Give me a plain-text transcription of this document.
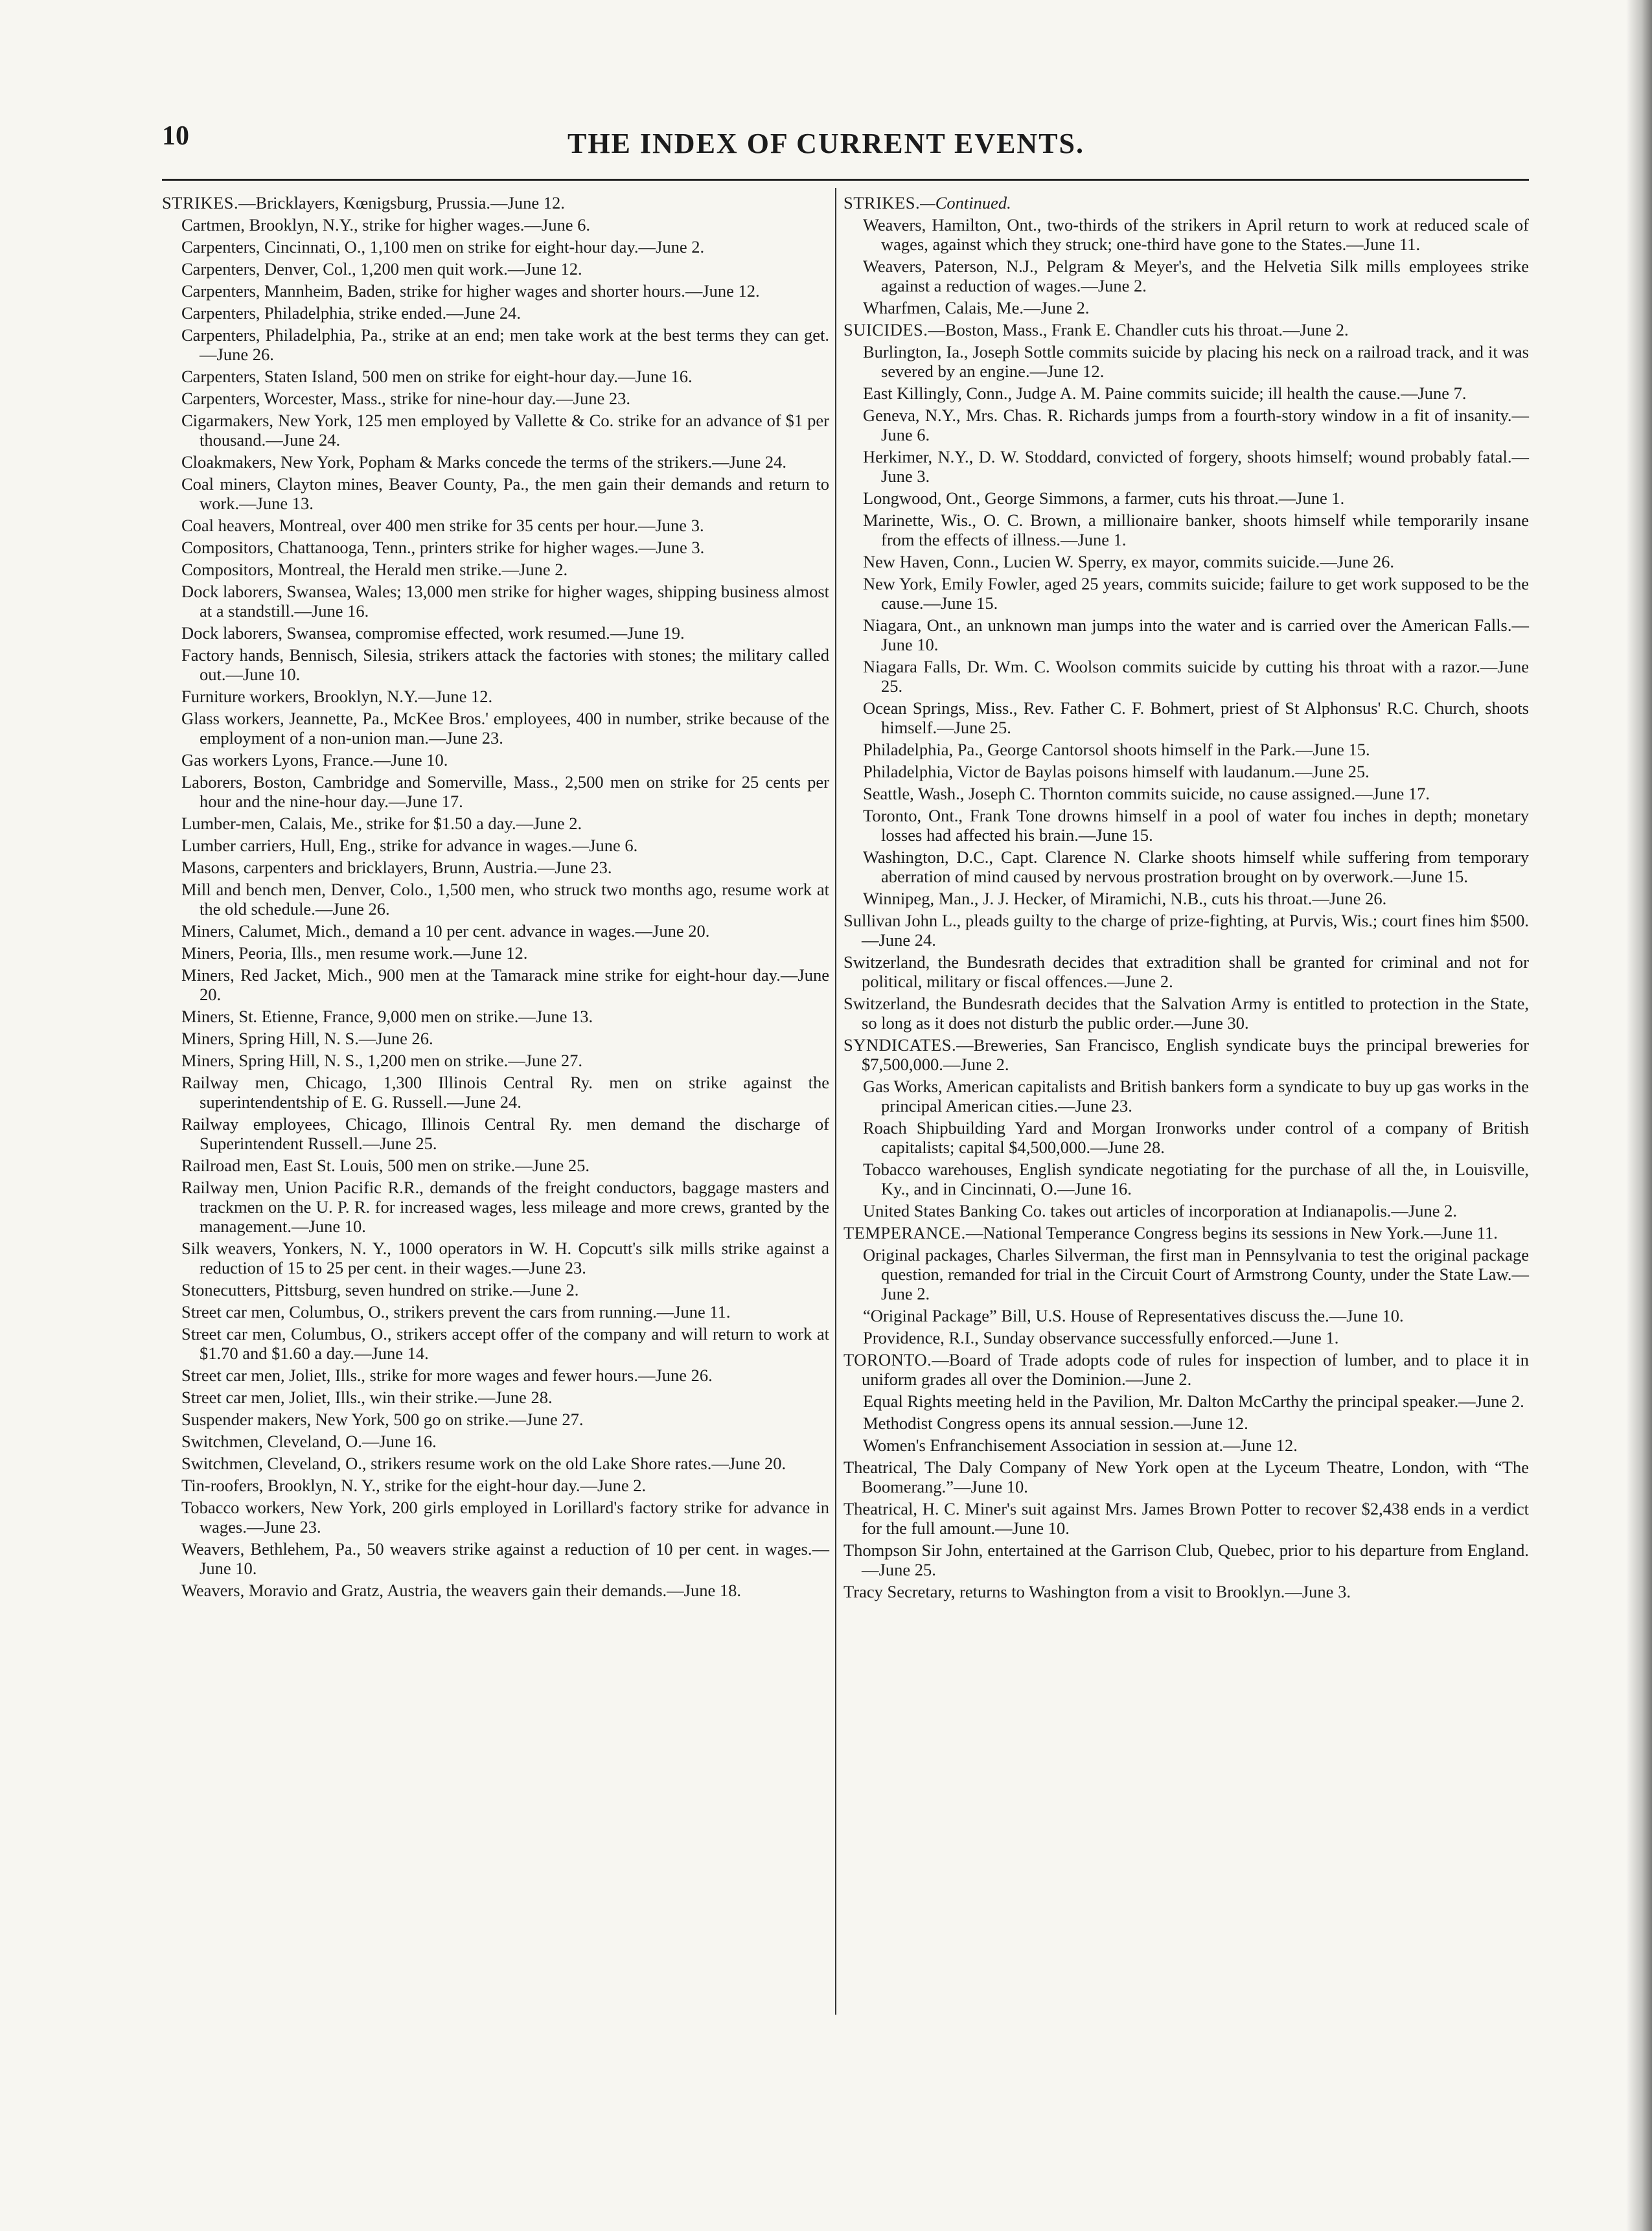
10	THE INDEX OF CURRENT EVENTS.
STRIKES.—Bricklayers, Kœnigsburg, Prussia.—June 12.
Cartmen, Brooklyn, N.Y., strike for higher wages.—June 6.
Carpenters, Cincinnati, O., 1,100 men on strike for eight-hour day.—June 2.
Carpenters, Denver, Col., 1,200 men quit work.—June 12.
Carpenters, Mannheim, Baden, strike for higher wages and shorter hours.—June 12.
Carpenters, Philadelphia, strike ended.—June 24.
Carpenters, Philadelphia, Pa., strike at an end; men take work at the best terms they can get.—June 26.
Carpenters, Staten Island, 500 men on strike for eight-hour day.—June 16.
Carpenters, Worcester, Mass., strike for nine-hour day.—June 23.
Cigarmakers, New York, 125 men employed by Vallette & Co. strike for an advance of $1 per thousand.—June 24.
Cloakmakers, New York, Popham & Marks concede the terms of the strikers.—June 24.
Coal miners, Clayton mines, Beaver County, Pa., the men gain their demands and return to work.—June 13.
Coal heavers, Montreal, over 400 men strike for 35 cents per hour.—June 3.
Compositors, Chattanooga, Tenn., printers strike for higher wages.—June 3.
Compositors, Montreal, the Herald men strike.—June 2.
Dock laborers, Swansea, Wales; 13,000 men strike for higher wages, shipping business almost at a standstill.—June 16.
Dock laborers, Swansea, compromise effected, work resumed.—June 19.
Factory hands, Bennisch, Silesia, strikers attack the factories with stones; the military called out.—June 10.
Furniture workers, Brooklyn, N.Y.—June 12.
Glass workers, Jeannette, Pa., McKee Bros.' employees, 400 in number, strike because of the employment of a non-union man.—June 23.
Gas workers Lyons, France.—June 10.
Laborers, Boston, Cambridge and Somerville, Mass., 2,500 men on strike for 25 cents per hour and the nine-hour day.—June 17.
Lumber-men, Calais, Me., strike for $1.50 a day.—June 2.
Lumber carriers, Hull, Eng., strike for advance in wages.—June 6.
Masons, carpenters and bricklayers, Brunn, Austria.—June 23.
Mill and bench men, Denver, Colo., 1,500 men, who struck two months ago, resume work at the old schedule.—June 26.
Miners, Calumet, Mich., demand a 10 per cent. advance in wages.—June 20.
Miners, Peoria, Ills., men resume work.—June 12.
Miners, Red Jacket, Mich., 900 men at the Tamarack mine strike for eight-hour day.—June 20.
Miners, St. Etienne, France, 9,000 men on strike.—June 13.
Miners, Spring Hill, N. S.—June 26.
Miners, Spring Hill, N. S., 1,200 men on strike.—June 27.
Railway men, Chicago, 1,300 Illinois Central Ry. men on strike against the superintendentship of E. G. Russell.—June 24.
Railway employees, Chicago, Illinois Central Ry. men demand the discharge of Superintendent Russell.—June 25.
Railroad men, East St. Louis, 500 men on strike.—June 25.
Railway men, Union Pacific R.R., demands of the freight conductors, baggage masters and trackmen on the U. P. R. for increased wages, less mileage and more crews, granted by the management.—June 10.
Silk weavers, Yonkers, N. Y., 1000 operators in W. H. Copcutt's silk mills strike against a reduction of 15 to 25 per cent. in their wages.—June 23.
Stonecutters, Pittsburg, seven hundred on strike.—June 2.
Street car men, Columbus, O., strikers prevent the cars from running.—June 11.
Street car men, Columbus, O., strikers accept offer of the company and will return to work at $1.70 and $1.60 a day.—June 14.
Street car men, Joliet, Ills., strike for more wages and fewer hours.—June 26.
Street car men, Joliet, Ills., win their strike.—June 28.
Suspender makers, New York, 500 go on strike.—June 27.
Switchmen, Cleveland, O.—June 16.
Switchmen, Cleveland, O., strikers resume work on the old Lake Shore rates.—June 20.
Tin-roofers, Brooklyn, N. Y., strike for the eight-hour day.—June 2.
Tobacco workers, New York, 200 girls employed in Lorillard's factory strike for advance in wages.—June 23.
Weavers, Bethlehem, Pa., 50 weavers strike against a reduction of 10 per cent. in wages.—June 10.
Weavers, Moravio and Gratz, Austria, the weavers gain their demands.—June 18.
STRIKES.—Continued.
Weavers, Hamilton, Ont., two-thirds of the strikers in April return to work at reduced scale of wages, against which they struck; one-third have gone to the States.—June 11.
Weavers, Paterson, N.J., Pelgram & Meyer's, and the Helvetia Silk mills employees strike against a reduction of wages.—June 2.
Wharfmen, Calais, Me.—June 2.
SUICIDES.—Boston, Mass., Frank E. Chandler cuts his throat.—June 2.
Burlington, Ia., Joseph Sottle commits suicide by placing his neck on a railroad track, and it was severed by an engine.—June 12.
East Killingly, Conn., Judge A. M. Paine commits suicide; ill health the cause.—June 7.
Geneva, N.Y., Mrs. Chas. R. Richards jumps from a fourth-story window in a fit of insanity.—June 6.
Herkimer, N.Y., D. W. Stoddard, convicted of forgery, shoots himself; wound probably fatal.—June 3.
Longwood, Ont., George Simmons, a farmer, cuts his throat.—June 1.
Marinette, Wis., O. C. Brown, a millionaire banker, shoots himself while temporarily insane from the effects of illness.—June 1.
New Haven, Conn., Lucien W. Sperry, ex mayor, commits suicide.—June 26.
New York, Emily Fowler, aged 25 years, commits suicide; failure to get work supposed to be the cause.—June 15.
Niagara, Ont., an unknown man jumps into the water and is carried over the American Falls.—June 10.
Niagara Falls, Dr. Wm. C. Woolson commits suicide by cutting his throat with a razor.—June 25.
Ocean Springs, Miss., Rev. Father C. F. Bohmert, priest of St Alphonsus' R.C. Church, shoots himself.—June 25.
Philadelphia, Pa., George Cantorsol shoots himself in the Park.—June 15.
Philadelphia, Victor de Baylas poisons himself with laudanum.—June 25.
Seattle, Wash., Joseph C. Thornton commits suicide, no cause assigned.—June 17.
Toronto, Ont., Frank Tone drowns himself in a pool of water fou inches in depth; monetary losses had affected his brain.—June 15.
Washington, D.C., Capt. Clarence N. Clarke shoots himself while suffering from temporary aberration of mind caused by nervous prostration brought on by overwork.—June 15.
Winnipeg, Man., J. J. Hecker, of Miramichi, N.B., cuts his throat.—June 26.
Sullivan John L., pleads guilty to the charge of prize-fighting, at Purvis, Wis.; court fines him $500.—June 24.
Switzerland, the Bundesrath decides that extradition shall be granted for criminal and not for political, military or fiscal offences.—June 2.
Switzerland, the Bundesrath decides that the Salvation Army is entitled to protection in the State, so long as it does not disturb the public order.—June 30.
SYNDICATES.—Breweries, San Francisco, English syndicate buys the principal breweries for $7,500,000.—June 2.
Gas Works, American capitalists and British bankers form a syndicate to buy up gas works in the principal American cities.—June 23.
Roach Shipbuilding Yard and Morgan Ironworks under control of a company of British capitalists; capital $4,500,000.—June 28.
Tobacco warehouses, English syndicate negotiating for the purchase of all the, in Louisville, Ky., and in Cincinnati, O.—June 16.
United States Banking Co. takes out articles of incorporation at Indianapolis.—June 2.
TEMPERANCE.—National Temperance Congress begins its sessions in New York.—June 11.
Original packages, Charles Silverman, the first man in Pennsylvania to test the original package question, remanded for trial in the Circuit Court of Armstrong County, under the State Law.—June 2.
“Original Package” Bill, U.S. House of Representatives discuss the.—June 10.
Providence, R.I., Sunday observance successfully enforced.—June 1.
TORONTO.—Board of Trade adopts code of rules for inspection of lumber, and to place it in uniform grades all over the Dominion.—June 2.
Equal Rights meeting held in the Pavilion, Mr. Dalton McCarthy the principal speaker.—June 2.
Methodist Congress opens its annual session.—June 12.
Women's Enfranchisement Association in session at.—June 12.
Theatrical, The Daly Company of New York open at the Lyceum Theatre, London, with “The Boomerang.”—June 10.
Theatrical, H. C. Miner's suit against Mrs. James Brown Potter to recover $2,438 ends in a verdict for the full amount.—June 10.
Thompson Sir John, entertained at the Garrison Club, Quebec, prior to his departure from England.—June 25.
Tracy Secretary, returns to Washington from a visit to Brooklyn.—June 3.
